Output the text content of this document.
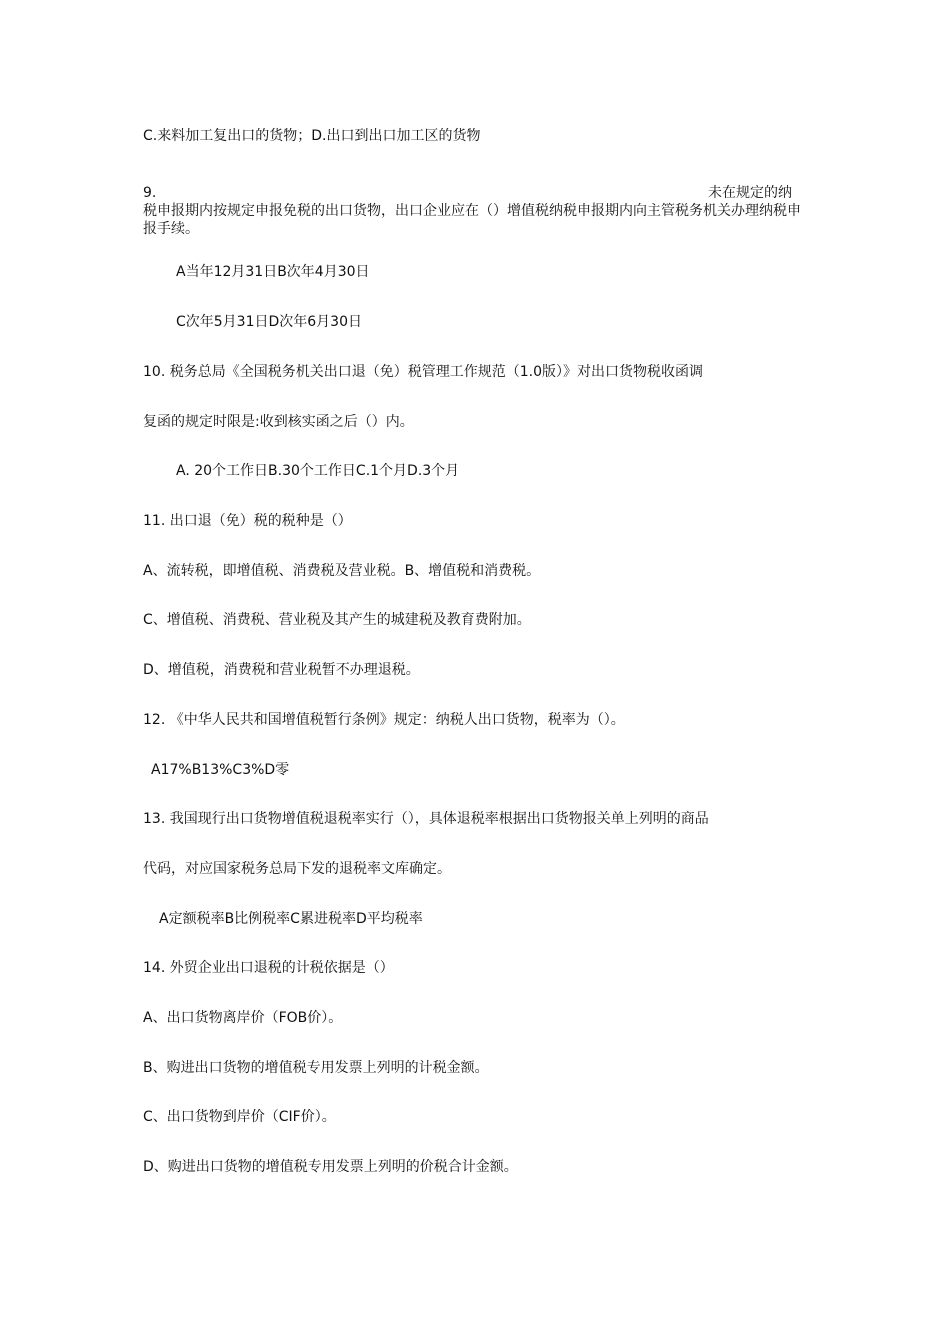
C.来料加工复出口的货物；D.出口到出口加工区的货物
9.	未在规定的纳
税申报期内按规定申报免税的出口货物，出口企业应在（）增值税纳税申报期内向主管税务机关办理纳税申报手续。
A当年12月31日B次年4月30日
C次年5月31日D次年6月30日
10. 税务总局《全国税务机关出口退（免）税管理工作规范（1.0版）》对出口货物税收函调
复函的规定时限是:收到核实函之后（）内。
A. 20个工作日B.30个工作日C.1个月D.3个月
11. 出口退（免）税的税种是（）
A、流转税，即增值税、消费税及营业税。B、增值税和消费税。
C、增值税、消费税、营业税及其产生的城建税及教育费附加。
D、增值税，消费税和营业税暂不办理退税。
12. 《中华人民共和国增值税暂行条例》规定：纳税人出口货物，税率为（）。
A17%B13%C3%D零
13. 我国现行出口货物增值税退税率实行（），具体退税率根据出口货物报关单上列明的商品
代码，对应国家税务总局下发的退税率文库确定。
A定额税率B比例税率C累进税率D平均税率
14. 外贸企业出口退税的计税依据是（）
A、出口货物离岸价（FOB价）。
B、购进出口货物的增值税专用发票上列明的计税金额。
C、出口货物到岸价（CIF价）。
D、购进出口货物的增值税专用发票上列明的价税合计金额。
